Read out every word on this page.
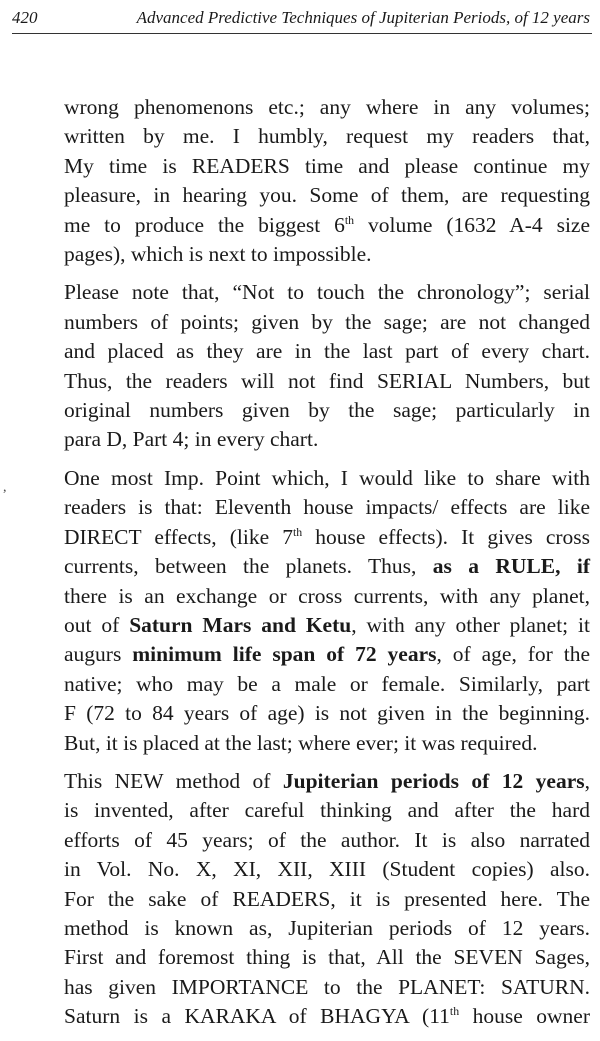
420	Advanced Predictive Techniques of Jupiterian Periods, of 12 years
,
wrong phenomenons etc.; any where in any volumes;
written by me. I humbly, request my readers that,
My time is READERS time and please continue my
pleasure, in hearing you. Some of them, are requesting
me to produce the biggest 6th volume (1632 A-4 size
pages), which is next to impossible.
Please note that, “Not to touch the chronology”; serial
numbers of points; given by the sage; are not changed
and placed as they are in the last part of every chart.
Thus, the readers will not find SERIAL Numbers, but
original numbers given by the sage; particularly in
para D, Part 4; in every chart.
One most Imp. Point which, I would like to share with
readers is that: Eleventh house impacts/ effects are like
DIRECT effects, (like 7th house effects). It gives cross
currents, between the planets. Thus, as a RULE, if
there is an exchange or cross currents, with any planet,
out of Saturn Mars and Ketu, with any other planet; it
augurs minimum life span of 72 years, of age, for the
native; who may be a male or female. Similarly, part
F (72 to 84 years of age) is not given in the beginning.
But, it is placed at the last; where ever; it was required.
This NEW method of Jupiterian periods of 12 years,
is invented, after careful thinking and after the hard
efforts of 45 years; of the author. It is also narrated
in Vol. No. X, XI, XII, XIII (Student copies) also.
For the sake of READERS, it is presented here. The
method is known as, Jupiterian periods of 12 years.
First and foremost thing is that, All the SEVEN Sages,
has given IMPORTANCE to the PLANET: SATURN.
Saturn is a KARAKA of BHAGYA (11th house owner
